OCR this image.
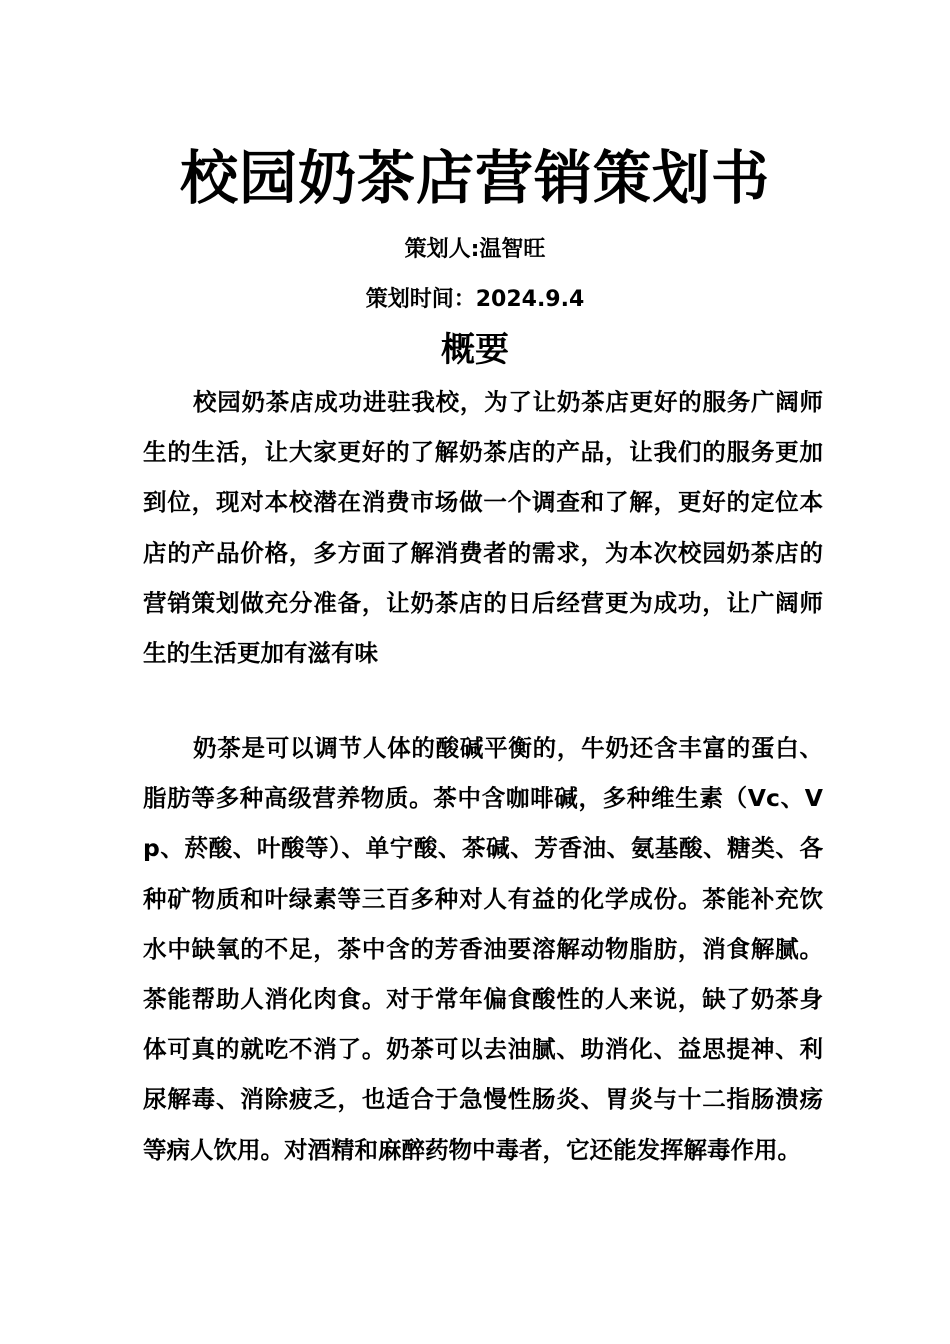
校园奶茶店营销策划书
策划人:温智旺
策划时间：2024.9.4
概要

校园奶茶店成功进驻我校，为了让奶茶店更好的服务广阔师生的生活，让大家更好的了解奶茶店的产品，让我们的服务更加到位，现对本校潜在消费市场做一个调查和了解，更好的定位本店的产品价格，多方面了解消费者的需求，为本次校园奶茶店的营销策划做充分准备，让奶茶店的日后经营更为成功，让广阔师生的生活更加有滋有味

奶茶是可以调节人体的酸碱平衡的，牛奶还含丰富的蛋白、脂肪等多种高级营养物质。茶中含咖啡碱，多种维生素（Vc、Vp、菸酸、叶酸等）、单宁酸、茶碱、芳香油、氨基酸、糖类、各种矿物质和叶绿素等三百多种对人有益的化学成份。茶能补充饮水中缺氧的不足，茶中含的芳香油要溶解动物脂肪，消食解腻。茶能帮助人消化肉食。对于常年偏食酸性的人来说，缺了奶茶身体可真的就吃不消了。奶茶可以去油腻、助消化、益思提神、利尿解毒、消除疲乏，也适合于急慢性肠炎、胃炎与十二指肠溃疡等病人饮用。对酒精和麻醉药物中毒者，它还能发挥解毒作用。
